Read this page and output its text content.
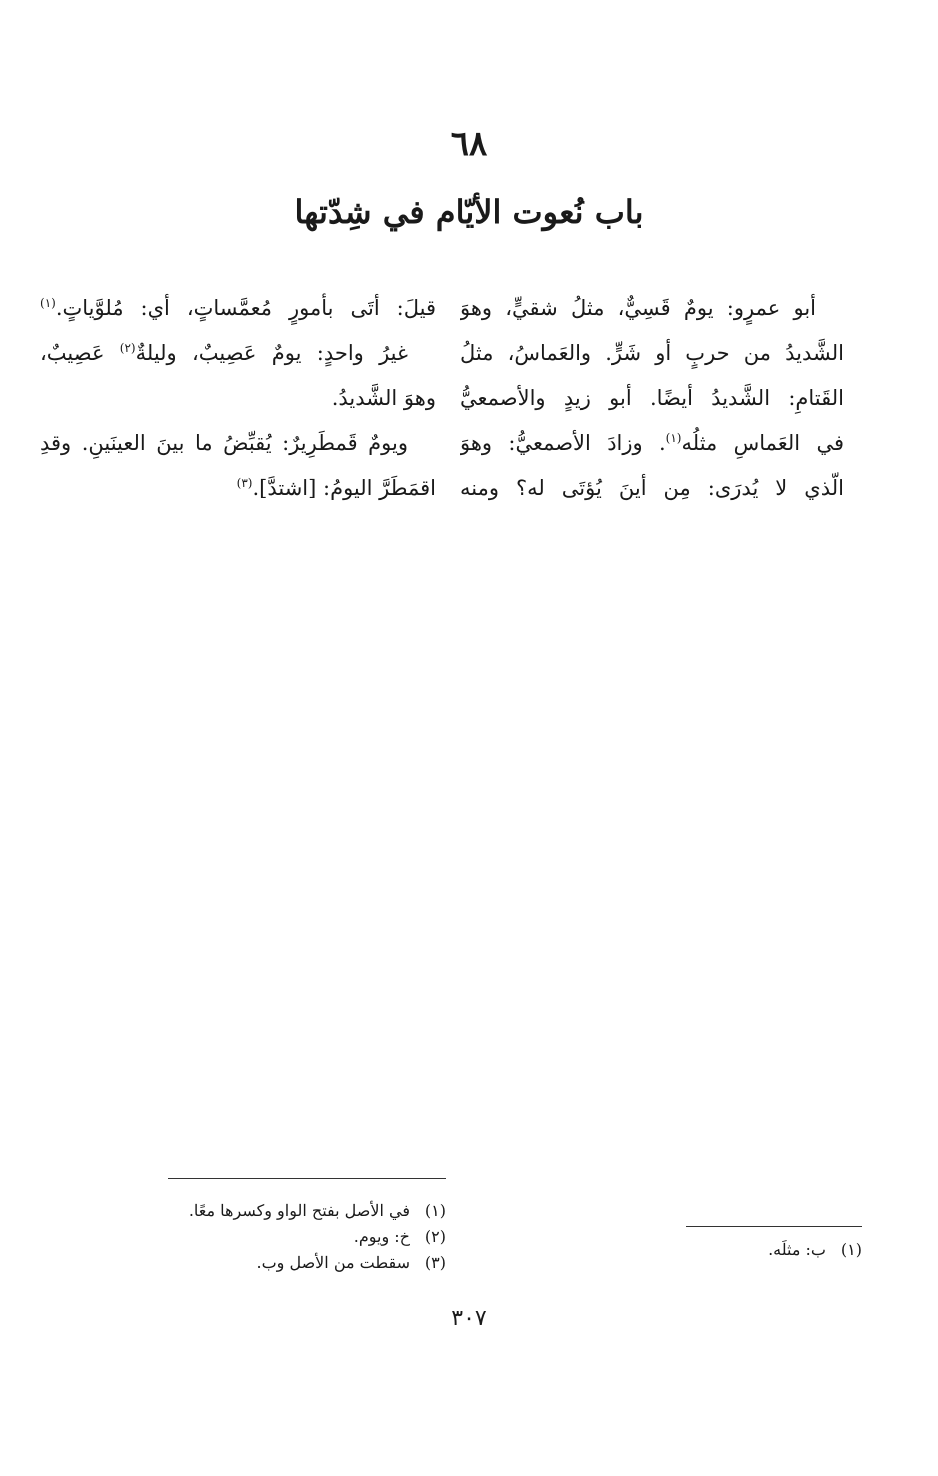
٦٨
باب نُعوت الأيّام في شِدّتها
أبو عمرٍو: يومٌ قَسِيٌّ، مثلُ شقيٍّ، وهوَ
الشَّديدُ من حربٍ أو شَرٍّ. والعَماسُ، مثلُ
القَتامِ: الشَّديدُ أيضًا. أبو زيدٍ والأصمعيُّ
في العَماسِ مثلُه$^{(١)}$. وزادَ الأصمعيُّ: وهوَ
الّذي لا يُدرَى: مِن أينَ يُؤتَى له؟ ومنه
قيلَ: أتَى بأمورٍ مُعمَّساتٍ، أي: مُلوَّياتٍ.$^{(١)}$
غيرُ واحدٍ: يومٌ عَصِيبٌ، وليلةٌ$^{(٢)}$ عَصِيبٌ،
وهوَ الشَّديدُ.
ويومٌ قَمطَرِيرٌ: يُقبِّضُ ما بينَ العينَينِ. وقدِ
اقمَطَرَّ اليومُ: [اشتدَّ].$^{(٣)}$
(١)في الأصل بفتح الواو وكسرها معًا.
(٢)خ: ويوم.
(٣)سقطت من الأصل وب.
(١)ب: مثلَه.
٣٠٧
